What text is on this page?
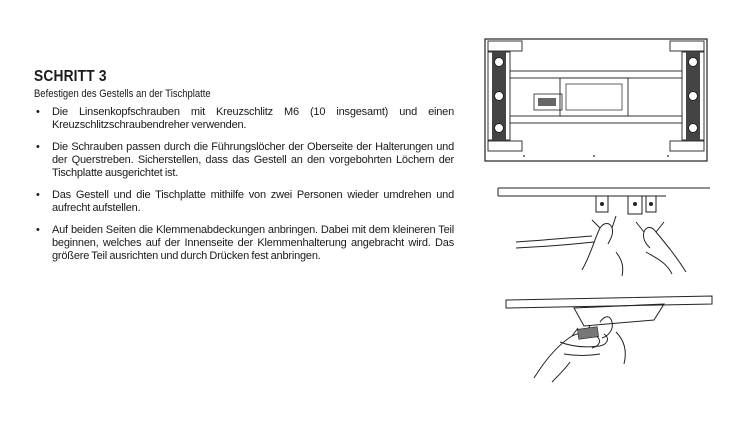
SCHRITT 3
Befestigen des Gestells an der Tischplatte
• Die Linsenkopfschrauben mit Kreuzschlitz M6 (10 insgesamt) und einen Kreuzschlitzschraubendreher verwenden.
• Die Schrauben passen durch die Führungslöcher der Oberseite der Halterungen und der Querstreben. Sicherstellen, dass das Gestell an den vorgebohrten Löchern der Tischplatte ausgerichtet ist.
• Das Gestell und die Tischplatte mithilfe von zwei Personen wieder umdrehen und aufrecht aufstellen.
• Auf beiden Seiten die Klemmenabdeckungen anbringen. Dabei mit dem kleineren Teil beginnen, welches auf der Innenseite der Klemmenhalterung angebracht wird. Das größere Teil ausrichten und durch Drücken fest anbringen.
